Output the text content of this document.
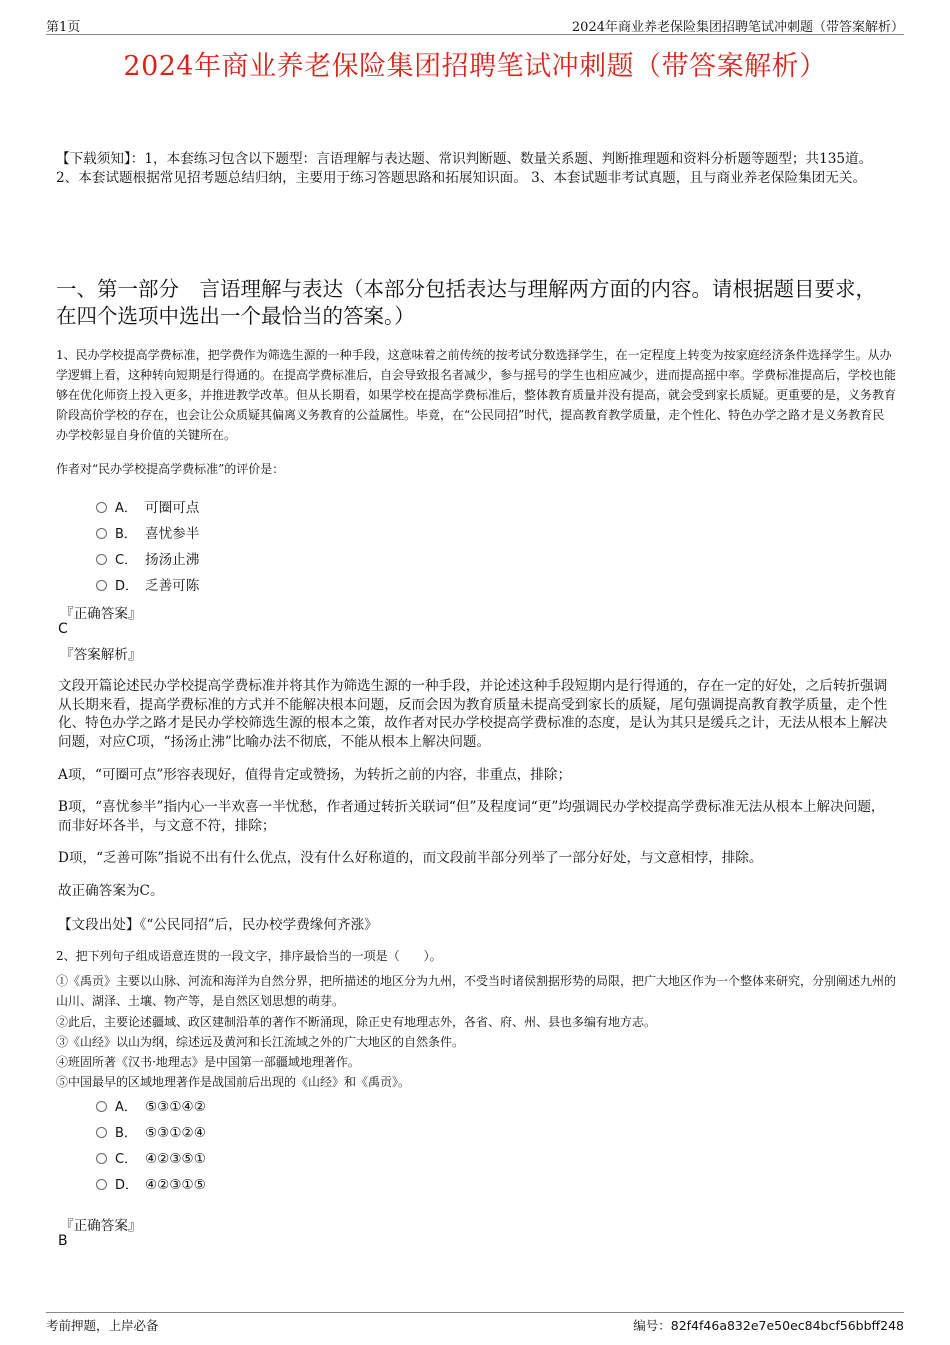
第1页	2024年商业养老保险集团招聘笔试冲刺题（带答案解析）
2024年商业养老保险集团招聘笔试冲刺题（带答案解析）
【下载须知】：1，本套练习包含以下题型：言语理解与表达题、常识判断题、数量关系题、判断推理题和资料分析题等题型；共135道。 2、本套试题根据常见招考题总结归纳，主要用于练习答题思路和拓展知识面。 3、本套试题非考试真题，且与商业养老保险集团无关。
一、第一部分　言语理解与表达（本部分包括表达与理解两方面的内容。请根据题目要求，在四个选项中选出一个最恰当的答案。）
1、民办学校提高学费标准，把学费作为筛选生源的一种手段，这意味着之前传统的按考试分数选择学生，在一定程度上转变为按家庭经济条件选择学生。从办学逻辑上看，这种转向短期是行得通的。在提高学费标准后，自会导致报名者减少，参与摇号的学生也相应减少，进而提高摇中率。学费标准提高后，学校也能够在优化师资上投入更多，并推进教学改革。但从长期看，如果学校在提高学费标准后，整体教育质量并没有提高，就会受到家长质疑。更重要的是，义务教育阶段高价学校的存在，也会让公众质疑其偏离义务教育的公益属性。毕竟，在“公民同招”时代，提高教育教学质量，走个性化、特色办学之路才是义务教育民办学校彰显自身价值的关键所在。
作者对“民办学校提高学费标准”的评价是：
A． 可圈可点
B． 喜忧参半
C． 扬汤止沸
D． 乏善可陈
『正确答案』
C
『答案解析』
文段开篇论述民办学校提高学费标准并将其作为筛选生源的一种手段，并论述这种手段短期内是行得通的，存在一定的好处，之后转折强调从长期来看，提高学费标准的方式并不能解决根本问题，反而会因为教育质量未提高受到家长的质疑，尾句强调提高教育教学质量，走个性化、特色办学之路才是民办学校筛选生源的根本之策，故作者对民办学校提高学费标准的态度，是认为其只是缓兵之计，无法从根本上解决问题，对应C项，“扬汤止沸”比喻办法不彻底，不能从根本上解决问题。
A项，“可圈可点”形容表现好，值得肯定或赞扬，为转折之前的内容，非重点，排除；
B项，“喜忧参半”指内心一半欢喜一半忧愁，作者通过转折关联词“但”及程度词“更”均强调民办学校提高学费标准无法从根本上解决问题，而非好坏各半，与文意不符，排除；
D项，“乏善可陈”指说不出有什么优点，没有什么好称道的，而文段前半部分列举了一部分好处，与文意相悖，排除。
故正确答案为C。
【文段出处】《“公民同招”后，民办校学费缘何齐涨》
2、把下列句子组成语意连贯的一段文字，排序最恰当的一项是（　　）。
①《禹贡》主要以山脉、河流和海洋为自然分界，把所描述的地区分为九州，不受当时诸侯割据形势的局限，把广大地区作为一个整体来研究，分别阐述九州的山川、湖泽、土壤、物产等，是自然区划思想的萌芽。
②此后，主要论述疆域、政区建制沿革的著作不断涌现，除正史有地理志外，各省、府、州、县也多编有地方志。
③《山经》以山为纲，综述远及黄河和长江流域之外的广大地区的自然条件。
④班固所著《汉书·地理志》是中国第一部疆域地理著作。
⑤中国最早的区域地理著作是战国前后出现的《山经》和《禹贡》。
A． ⑤③①④②
B． ⑤③①②④
C． ④②③⑤①
D． ④②③①⑤
『正确答案』
B
考前押题，上岸必备	编号：82f4f46a832e7e50ec84bcf56bbff248
